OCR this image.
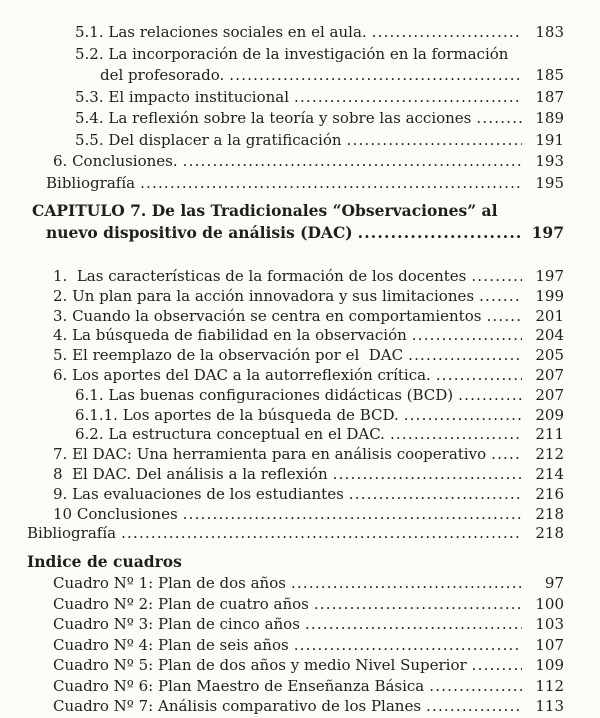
5.1. Las relaciones sociales en el aula. .....	183
5.2. La incorporación de la investigación en la formación
del profesorado. .....	185
5.3. El impacto institucional .....	187
5.4. La reflexión sobre la teoría y sobre las acciones .....	189
5.5. Del displacer a la gratificación .....	191
6. Conclusiones. .....	193
Bibliografía .....	195
CAPITULO 7. De las Tradicionales “Observaciones” al
nuevo dispositivo de análisis (DAC) .....	197
1.  Las características de la formación de los docentes .....	197
2. Un plan para la acción innovadora y sus limitaciones .....	199
3. Cuando la observación se centra en comportamientos .....	201
4. La búsqueda de fiabilidad en la observación .....	204
5. El reemplazo de la observación por el  DAC .....	205
6. Los aportes del DAC a la autorreflexión crítica. .....	207
6.1. Las buenas configuraciones didácticas (BCD) .....	207
6.1.1. Los aportes de la búsqueda de BCD. .....	209
6.2. La estructura conceptual en el DAC. .....	211
7. El DAC: Una herramienta para en análisis cooperativo .....	212
8  El DAC. Del análisis a la reflexión .....	214
9. Las evaluaciones de los estudiantes .....	216
10 Conclusiones .....	218
Bibliografía .....	218
Indice de cuadros
Cuadro Nº 1: Plan de dos años .....	97
Cuadro Nº 2: Plan de cuatro años .....	100
Cuadro Nº 3: Plan de cinco años .....	103
Cuadro Nº 4: Plan de seis años .....	107
Cuadro Nº 5: Plan de dos años y medio Nivel Superior .....	109
Cuadro Nº 6: Plan Maestro de Enseñanza Básica .....	112
Cuadro Nº 7: Análisis comparativo de los Planes .....	113
